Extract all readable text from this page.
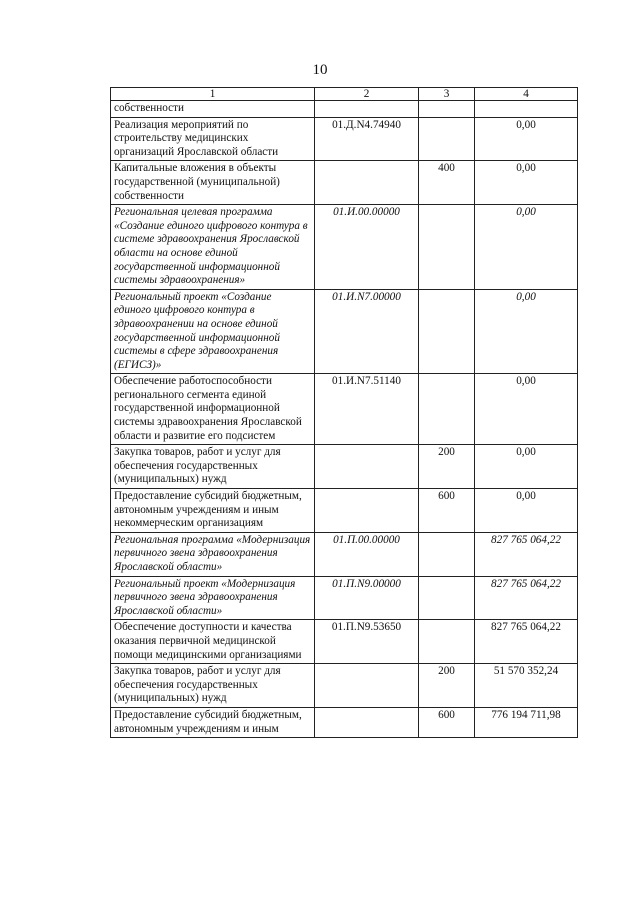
10
1	2	3	4
собственности			
Реализация мероприятий по строительству медицинских организаций Ярославской области	01.Д.N4.74940		0,00
Капитальные вложения в объекты государственной (муниципальной) собственности		400	0,00
Региональная целевая программа «Создание единого цифрового контура в системе здравоохранения Ярославской области на основе единой государственной информационной системы здравоохранения»	01.И.00.00000		0,00
Региональный проект «Создание единого цифрового контура в здравоохранении на основе единой государственной информационной системы в сфере здравоохранения (ЕГИСЗ)»	01.И.N7.00000		0,00
Обеспечение работоспособности регионального сегмента единой государственной информационной системы здравоохранения Ярославской области и развитие его подсистем	01.И.N7.51140		0,00
Закупка товаров, работ и услуг для обеспечения государственных (муниципальных) нужд		200	0,00
Предоставление субсидий бюджетным, автономным учреждениям и иным некоммерческим организациям		600	0,00
Региональная программа «Модернизация первичного звена здравоохранения Ярославской области»	01.П.00.00000		827 765 064,22
Региональный проект «Модернизация первичного звена здравоохранения Ярославской области»	01.П.N9.00000		827 765 064,22
Обеспечение доступности и качества оказания первичной медицинской помощи медицинскими организациями	01.П.N9.53650		827 765 064,22
Закупка товаров, работ и услуг для обеспечения государственных (муниципальных) нужд		200	51 570 352,24
Предоставление субсидий бюджетным, автономным учреждениям и иным		600	776 194 711,98
